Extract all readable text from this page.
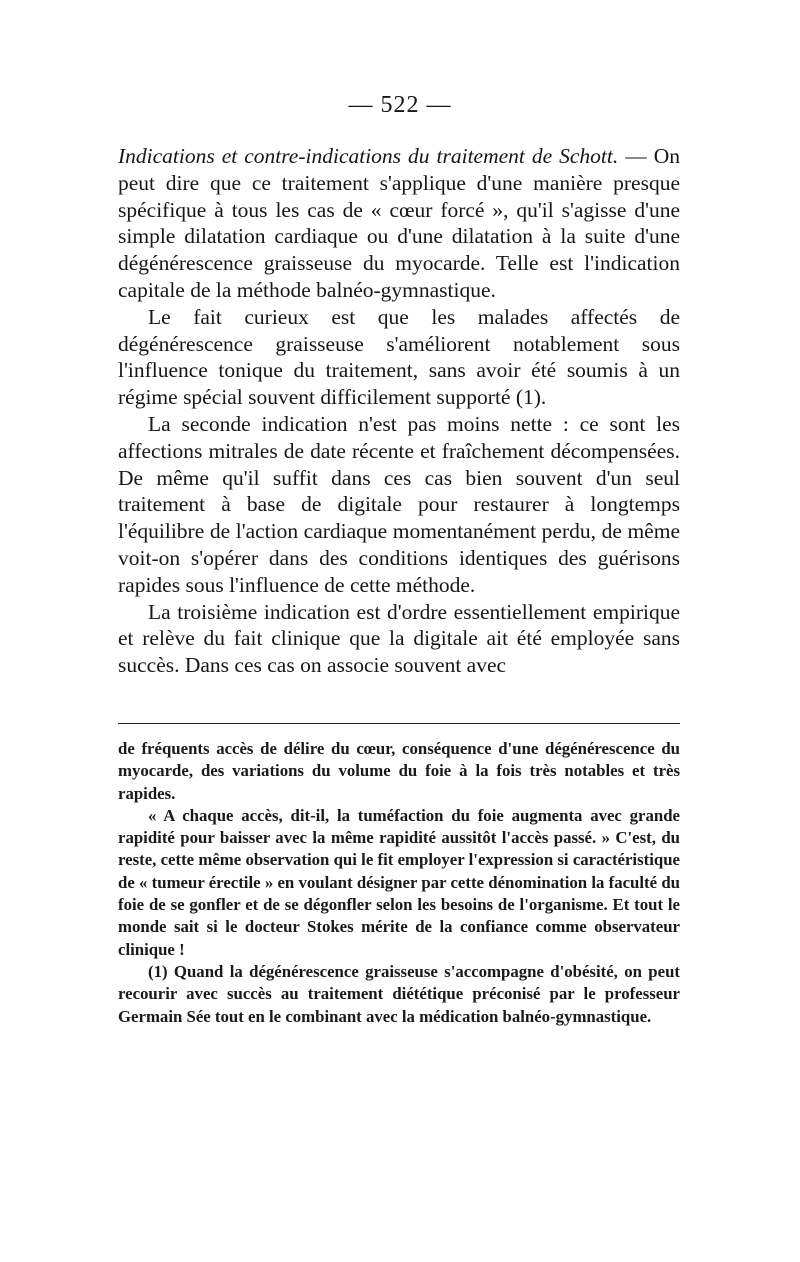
— 522 —

Indications et contre-indications du traitement de Schott. — On peut dire que ce traitement s'applique d'une manière presque spécifique à tous les cas de « cœur forcé », qu'il s'agisse d'une simple dilatation cardiaque ou d'une dilatation à la suite d'une dégénérescence graisseuse du myocarde. Telle est l'indication capitale de la méthode balnéo-gymnastique.

Le fait curieux est que les malades affectés de dégénérescence graisseuse s'améliorent notablement sous l'influence tonique du traitement, sans avoir été soumis à un régime spécial souvent difficilement supporté (1).

La seconde indication n'est pas moins nette : ce sont les affections mitrales de date récente et fraîchement décompensées. De même qu'il suffit dans ces cas bien souvent d'un seul traitement à base de digitale pour restaurer à longtemps l'équilibre de l'action cardiaque momentanément perdu, de même voit-on s'opérer dans des conditions identiques des guérisons rapides sous l'influence de cette méthode.

La troisième indication est d'ordre essentiellement empirique et relève du fait clinique que la digitale ait été employée sans succès. Dans ces cas on associe souvent avec

de fréquents accès de délire du cœur, conséquence d'une dégénérescence du myocarde, des variations du volume du foie à la fois très notables et très rapides.

« A chaque accès, dit-il, la tuméfaction du foie augmenta avec grande rapidité pour baisser avec la même rapidité aussitôt l'accès passé. » C'est, du reste, cette même observation qui le fit employer l'expression si caractéristique de « tumeur érectile » en voulant désigner par cette dénomination la faculté du foie de se gonfler et de se dégonfler selon les besoins de l'organisme. Et tout le monde sait si le docteur Stokes mérite de la confiance comme observateur clinique !

(1) Quand la dégénérescence graisseuse s'accompagne d'obésité, on peut recourir avec succès au traitement diététique préconisé par le professeur Germain Sée tout en le combinant avec la médication balnéo-gymnastique.
